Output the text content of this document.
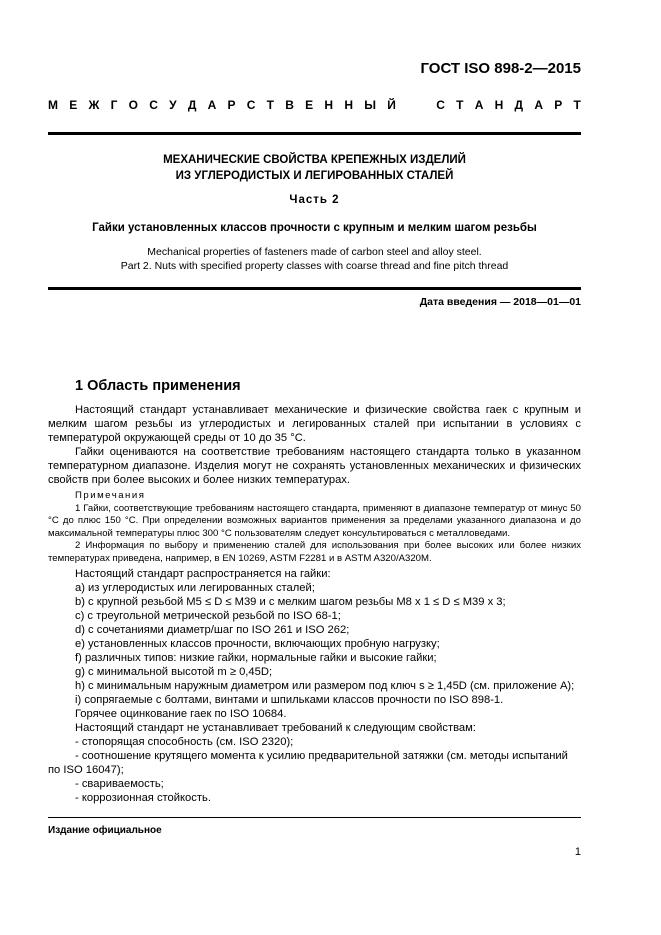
ГОСТ ISO 898-2—2015
М Е Ж Г О С У Д А Р С Т В Е Н Н Ы Й

	С Т А Н Д А Р Т
МЕХАНИЧЕСКИЕ СВОЙСТВА КРЕПЕЖНЫХ ИЗДЕЛИЙ
ИЗ УГЛЕРОДИСТЫХ И ЛЕГИРОВАННЫХ СТАЛЕЙ
Часть 2
Гайки установленных классов прочности с крупным и мелким шагом резьбы
Mechanical properties of fasteners made of carbon steel and alloy steel.
Part 2. Nuts with specified property classes with coarse thread and fine pitch thread
Дата введения — 2018—01—01
1 Область применения

Настоящий стандарт устанавливает механические и физические свойства гаек с крупным и мелким шагом резьбы из углеродистых и легированных сталей при испытании в условиях с температурой окружающей среды от 10 до 35 °С.

Гайки оцениваются на соответствие требованиям настоящего стандарта только в указанном температурном диапазоне. Изделия могут не сохранять установленных механических и физических свойств при более высоких и более низких температурах.

Примечания

1 Гайки, соответствующие требованиям настоящего стандарта, применяют в диапазоне температур от минус 50 °С до плюс 150 °С. При определении возможных вариантов применения за пределами указанного диапазона и до максимальной температуры плюс 300 °С пользователям следует консультироваться с металловедами.

2 Информация по выбору и применению сталей для использования при более высоких или более низких температурах приведена, например, в EN 10269, ASTM F2281 и в ASTM A320/A320M.

Настоящий стандарт распространяется на гайки:

a) из углеродистых или легированных сталей;

b) с крупной резьбой М5 ≤ D ≤ М39 и с мелким шагом резьбы М8 х 1 ≤ D ≤ М39 х 3;

c) с треугольной метрической резьбой по ISO 68-1;

d) с сочетаниями диаметр/шаг по ISO 261 и ISO 262;

e) установленных классов прочности, включающих пробную нагрузку;

f) различных типов: низкие гайки, нормальные гайки и высокие гайки;

g) с минимальной высотой m ≥ 0,45D;

h) с минимальным наружным диаметром или размером под ключ s ≥ 1,45D (см. приложение А);

i) сопрягаемые с болтами, винтами и шпильками классов прочности по ISO 898-1.

Горячее оцинкование гаек по ISO 10684.

Настоящий стандарт не устанавливает требований к следующим свойствам:

- стопорящая способность (см. ISO 2320);

- соотношение крутящего момента к усилию предварительной затяжки (см. методы испытаний по ISO 16047);

- свариваемость;

- коррозионная стойкость.

Издание официальное
1
